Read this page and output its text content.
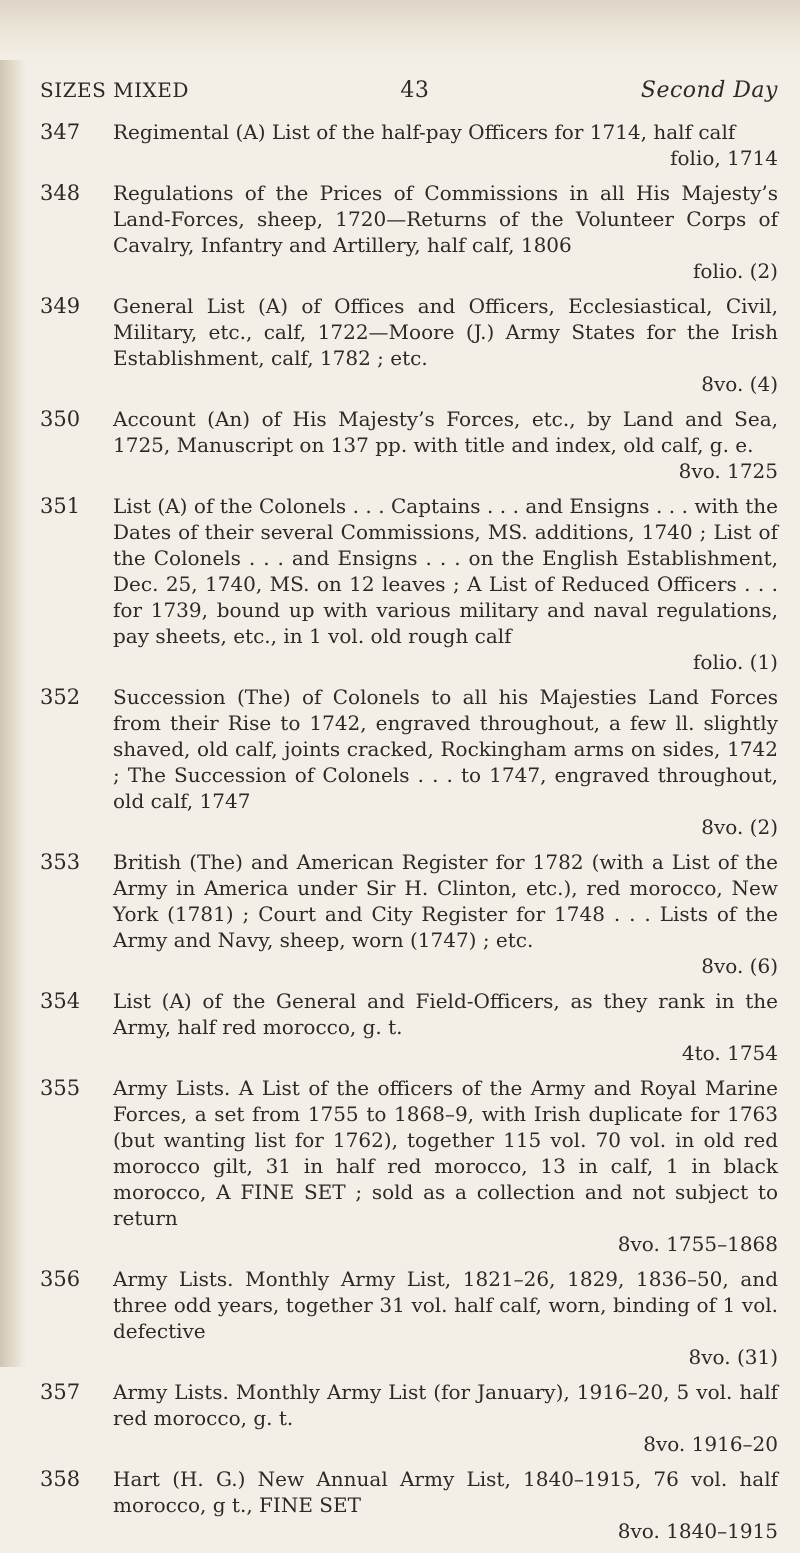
SIZES MIXED	43	Second Day
347	Regimental (A) List of the half-pay Officers for 1714, half calf
folio, 1714
348	Regulations of the Prices of Commissions in all His Majesty’s Land-Forces, sheep, 1720—Returns of the Volunteer Corps of Cavalry, Infantry and Artillery, half calf, 1806
folio. (2)
349	General List (A) of Offices and Officers, Ecclesiastical, Civil, Military, etc., calf, 1722—Moore (J.) Army States for the Irish Establishment, calf, 1782 ; etc.
8vo. (4)
350	Account (An) of His Majesty’s Forces, etc., by Land and Sea, 1725, Manuscript on 137 pp. with title and index, old calf, g. e.
8vo. 1725
351	List (A) of the Colonels . . . Captains . . . and Ensigns . . . with the Dates of their several Commissions, MS. additions, 1740 ; List of the Colonels . . . and Ensigns . . . on the English Establishment, Dec. 25, 1740, MS. on 12 leaves ; A List of Reduced Officers . . . for 1739, bound up with various military and naval regulations, pay sheets, etc., in 1 vol. old rough calf
folio. (1)
352	Succession (The) of Colonels to all his Majesties Land Forces from their Rise to 1742, engraved throughout, a few ll. slightly shaved, old calf, joints cracked, Rockingham arms on sides, 1742 ; The Succession of Colonels . . . to 1747, engraved throughout, old calf, 1747
8vo. (2)
353	British (The) and American Register for 1782 (with a List of the Army in America under Sir H. Clinton, etc.), red morocco, New York (1781) ; Court and City Register for 1748 . . . Lists of the Army and Navy, sheep, worn (1747) ; etc.
8vo. (6)
354	List (A) of the General and Field-Officers, as they rank in the Army, half red morocco, g. t.
4to. 1754
355	Army Lists. A List of the officers of the Army and Royal Marine Forces, a set from 1755 to 1868–9, with Irish duplicate for 1763 (but wanting list for 1762), together 115 vol. 70 vol. in old red morocco gilt, 31 in half red morocco, 13 in calf, 1 in black morocco, A FINE SET ; sold as a collection and not subject to return
8vo. 1755–1868
356	Army Lists. Monthly Army List, 1821–26, 1829, 1836–50, and three odd years, together 31 vol. half calf, worn, binding of 1 vol. defective
8vo. (31)
357	Army Lists. Monthly Army List (for January), 1916–20, 5 vol. half red morocco, g. t.
8vo. 1916–20
358	Hart (H. G.) New Annual Army List, 1840–1915, 76 vol. half morocco, g t., FINE SET
8vo. 1840–1915
